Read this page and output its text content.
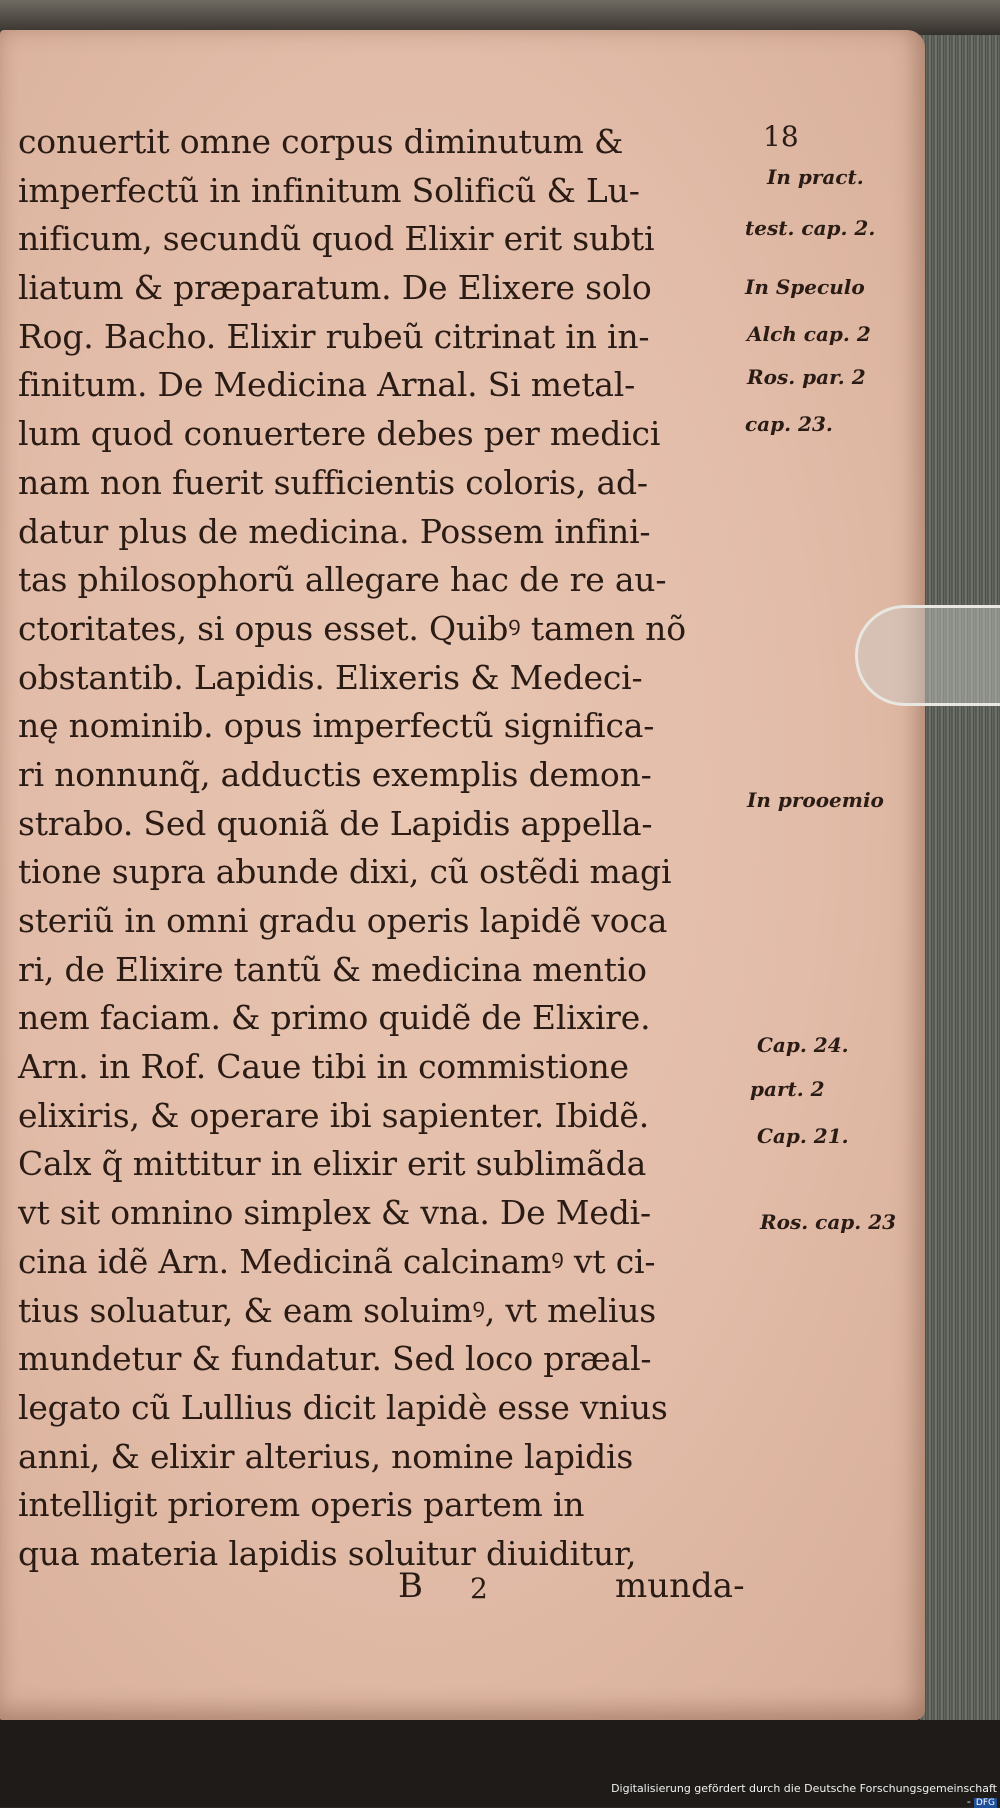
18
conuertit omne corpus diminutum &
imperfectũ in infinitum Solificũ & Lu-
nificum, secundũ quod Elixir erit subti
liatum & præparatum. De Elixere solo
Rog. Bacho. Elixir rubeũ citrinat in in-
finitum. De Medicina Arnal. Si metal-
lum quod conuertere debes per medici
nam non fuerit sufficientis coloris, ad-
datur plus de medicina. Possem infini-
tas philosophorũ allegare hac de re au-
ctoritates, si opus esset. Quibꝰ tamen nõ
obstantib. Lapidis. Elixeris & Medeci-
nę nominib. opus imperfectũ significa-
ri nonnunq̃, adductis exemplis demon-
strabo. Sed quoniã de Lapidis appella-
tione supra abunde dixi, cũ ostẽdi magi
steriũ in omni gradu operis lapidẽ voca
ri, de Elixire tantũ & medicina mentio
nem faciam. & primo quidẽ de Elixire.
Arn. in Rof. Caue tibi in commistione
elixiris, & operare ibi sapienter. Ibidẽ.
Calx q̃ mittitur in elixir erit sublimãda
vt sit omnino simplex & vna. De Medi-
cina idẽ Arn. Medicinã calcinamꝰ vt ci-
tius soluatur, & eam soluimꝰ, vt melius
mundetur & fundatur. Sed loco præal-
legato cũ Lullius dicit lapidè esse vnius
anni, & elixir alterius, nomine lapidis
intelligit priorem operis partem in
qua materia lapidis soluitur diuiditur,
In pract.
test. cap. 2.
In Speculo
Alch cap. 2
Ros. par. 2
cap. 23.
In prooemio
Cap. 24.
part. 2
Cap. 21.
Ros. cap. 23
B 2	munda-
Digitalisierung gefördert durch die Deutsche Forschungsgemeinschaft - DFG
